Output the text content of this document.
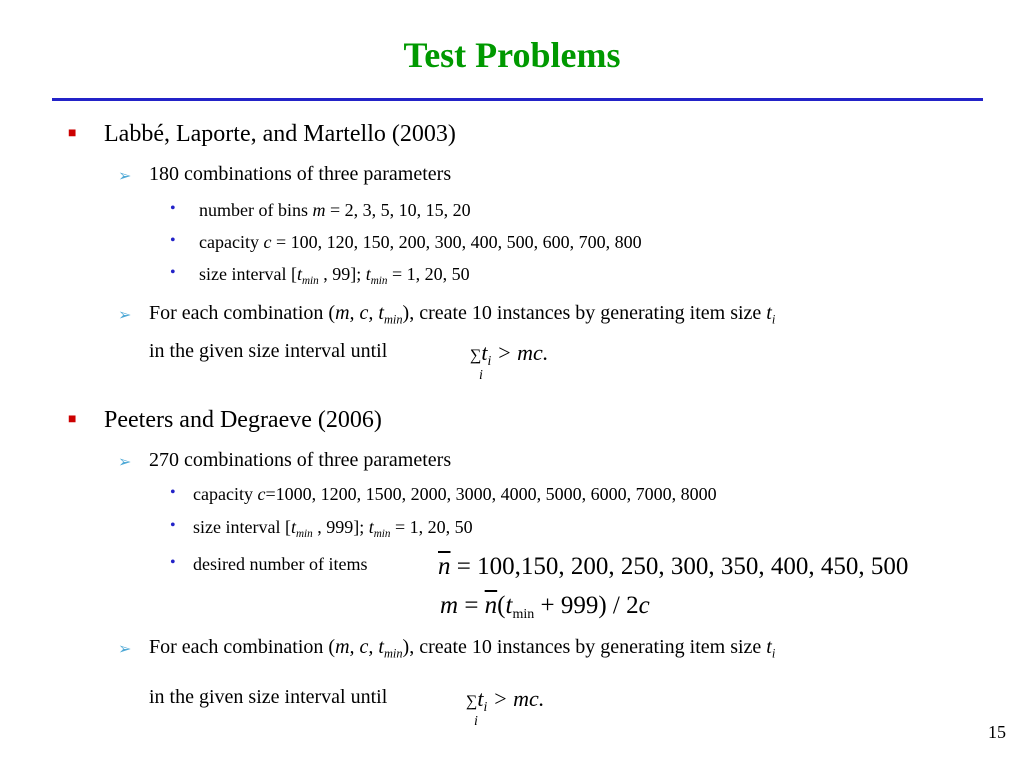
Test Problems
■ Labbé, Laporte, and Martello (2003)
➢ 180 combinations of three parameters
• number of bins m = 2, 3, 5, 10, 15, 20
• capacity c = 100, 120, 150, 200, 300, 400, 500, 600, 700, 800
• size interval [$t_{min}$ , 99]; $t_{min} = 1$, 20, 50
➢ For each combination (m, c, $t_{min}$), create 10 instances by generating item size $t_i$
in the given size interval until	$\sum t_i$ > mc.
i
■ Peeters and Degraeve (2006)
➢ 270 combinations of three parameters
• capacity c=1000, 1200, 1500, 2000, 3000, 4000, 5000, 6000, 7000, 8000
• size interval [$t_{min}$ , 999]; $t_{min} = 1$, 20, 50
• desired number of items	$\overline{n} = 100,150$, 200, 250, 300, 350, 400, 450, 500
$m = \overline{n}(t_{min} + 999) / 2c$
➢ For each combination (m, c, $t_{min}$), create 10 instances by generating item size $t_i$
in the given size interval until	$\sum t_i$ > mc.
i
15
